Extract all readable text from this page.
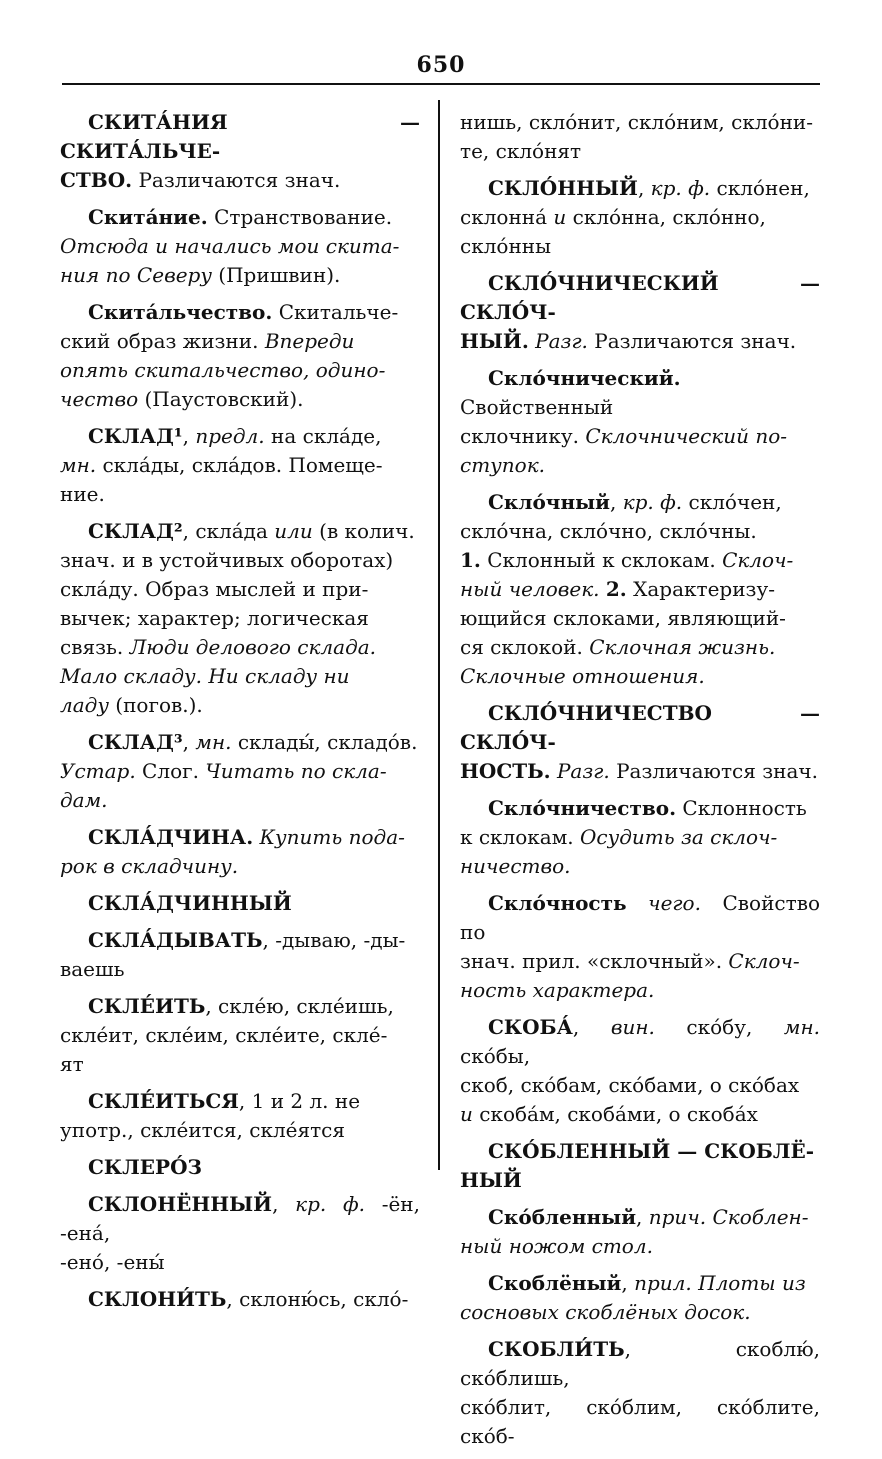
650

СКИТА́НИЯ — СКИТА́ЛЬЧЕ-
СТВО. Различаются знач.

Скита́ние. Странствование.
Отсюда и начались мои скита-
ния по Северу (Пришвин).

Скита́льчество. Скитальче-
ский образ жизни. Впереди
опять скитальчество, одино-
чество (Паустовский).

СКЛАД¹, предл. на скла́де,
мн. скла́ды, скла́дов. Помеще-
ние.

СКЛАД², скла́да или (в колич.
знач. и в устойчивых оборотах)
скла́ду. Образ мыслей и при-
вычек; характер; логическая
связь. Люди делового склада.
Мало складу. Ни складу ни
ладу (погов.).

СКЛАД³, мн. склады́, складо́в.
Устар. Слог. Читать по скла-
дам.

СКЛА́ДЧИНА. Купить пода-
рок в складчину.

СКЛА́ДЧИННЫЙ

СКЛА́ДЫВАТЬ, -дываю, -ды-
ваешь

СКЛЕ́ИТЬ, скле́ю, скле́ишь,
скле́ит, скле́им, скле́ите, скле́-
ят

СКЛЕ́ИТЬСЯ, 1 и 2 л. не
употр., скле́ится, скле́ятся

СКЛЕРО́З

СКЛОНЁННЫЙ, кр. ф. -ён, -ена́,
-ено́, -ены́

СКЛОНИ́ТЬ, склоню́сь, скло́-

нишь, скло́нит, скло́ним, скло́ни-
те, скло́нят

СКЛО́ННЫЙ, кр. ф. скло́нен,
склонна́ и скло́нна, скло́нно,
скло́нны

СКЛО́ЧНИЧЕСКИЙ — СКЛО́Ч-
НЫЙ. Разг. Различаются знач.

Скло́чнический. Свойственный
склочнику. Склочнический по-
ступок.

Скло́чный, кр. ф. скло́чен,
скло́чна, скло́чно, скло́чны.
1. Склонный к склокам. Склоч-
ный человек. 2. Характеризу-
ющийся склоками, являющий-
ся склокой. Склочная жизнь.
Склочные отношения.

СКЛО́ЧНИЧЕСТВО — СКЛО́Ч-
НОСТЬ. Разг. Различаются знач.

Скло́чничество. Склонность
к склокам. Осудить за склоч-
ничество.

Скло́чность чего. Свойство по
знач. прил. «склочный». Склоч-
ность характера.

СКОБА́, вин. ско́бу, мн. ско́бы,
скоб, ско́бам, ско́бами, о ско́бах
и скоба́м, скоба́ми, о скоба́х

СКО́БЛЕННЫЙ — СКОБЛЁ-
НЫЙ

Ско́бленный, прич. Скоблен-
ный ножом стол.

Скоблёный, прил. Плоты из
сосновых скоблёных досок.

СКОБЛИ́ТЬ, скоблю́, ско́блишь,
ско́блит, ско́блим, ско́блите, ско́б-
